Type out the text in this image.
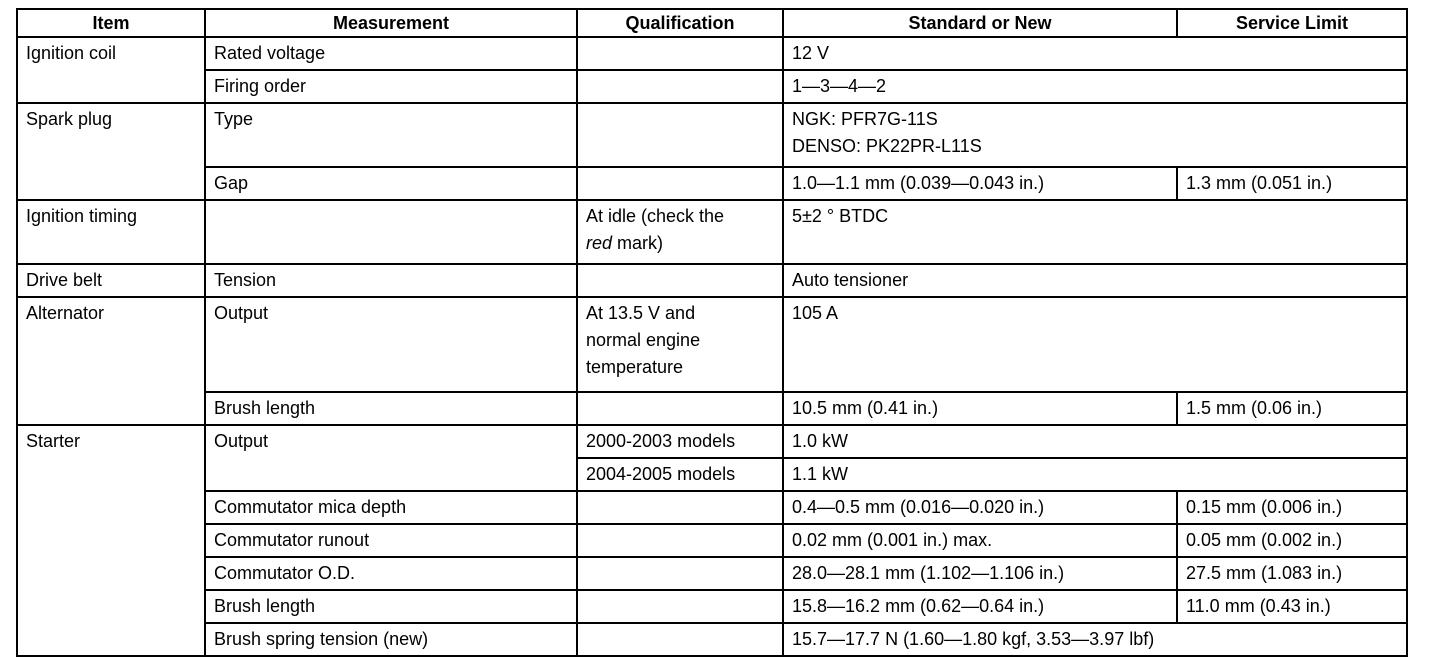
Item	Measurement	Qualification	Standard or New	Service Limit
Ignition coil	Rated voltage		12 V	
	Firing order		1—3—4—2	
Spark plug	Type		NGK: PFR7G-11S
DENSO: PK22PR-L11S	

	Gap		1.0—1.1 mm (0.039—0.043 in.)	1.3 mm (0.051 in.)
Ignition timing		At idle (check the
red mark)	5±2 ° BTDC	
Drive belt	Tension		Auto tensioner	
Alternator	Output	At 13.5 V and
normal engine
temperature	105 A	
	Brush length		10.5 mm (0.41 in.)	1.5 mm (0.06 in.)
Starter	Output	2000-2003 models	1.0 kW	
		2004-2005 models	1.1 kW	
	Commutator mica depth		0.4—0.5 mm (0.016—0.020 in.)	0.15 mm (0.006 in.)
	Commutator runout		0.02 mm (0.001 in.) max.	0.05 mm (0.002 in.)
	Commutator O.D.		28.0—28.1 mm (1.102—1.106 in.)	27.5 mm (1.083 in.)
	Brush length		15.8—16.2 mm (0.62—0.64 in.)	11.0 mm (0.43 in.)
	Brush spring tension (new)		15.7—17.7 N (1.60—1.80 kgf, 3.53—3.97 lbf)	
